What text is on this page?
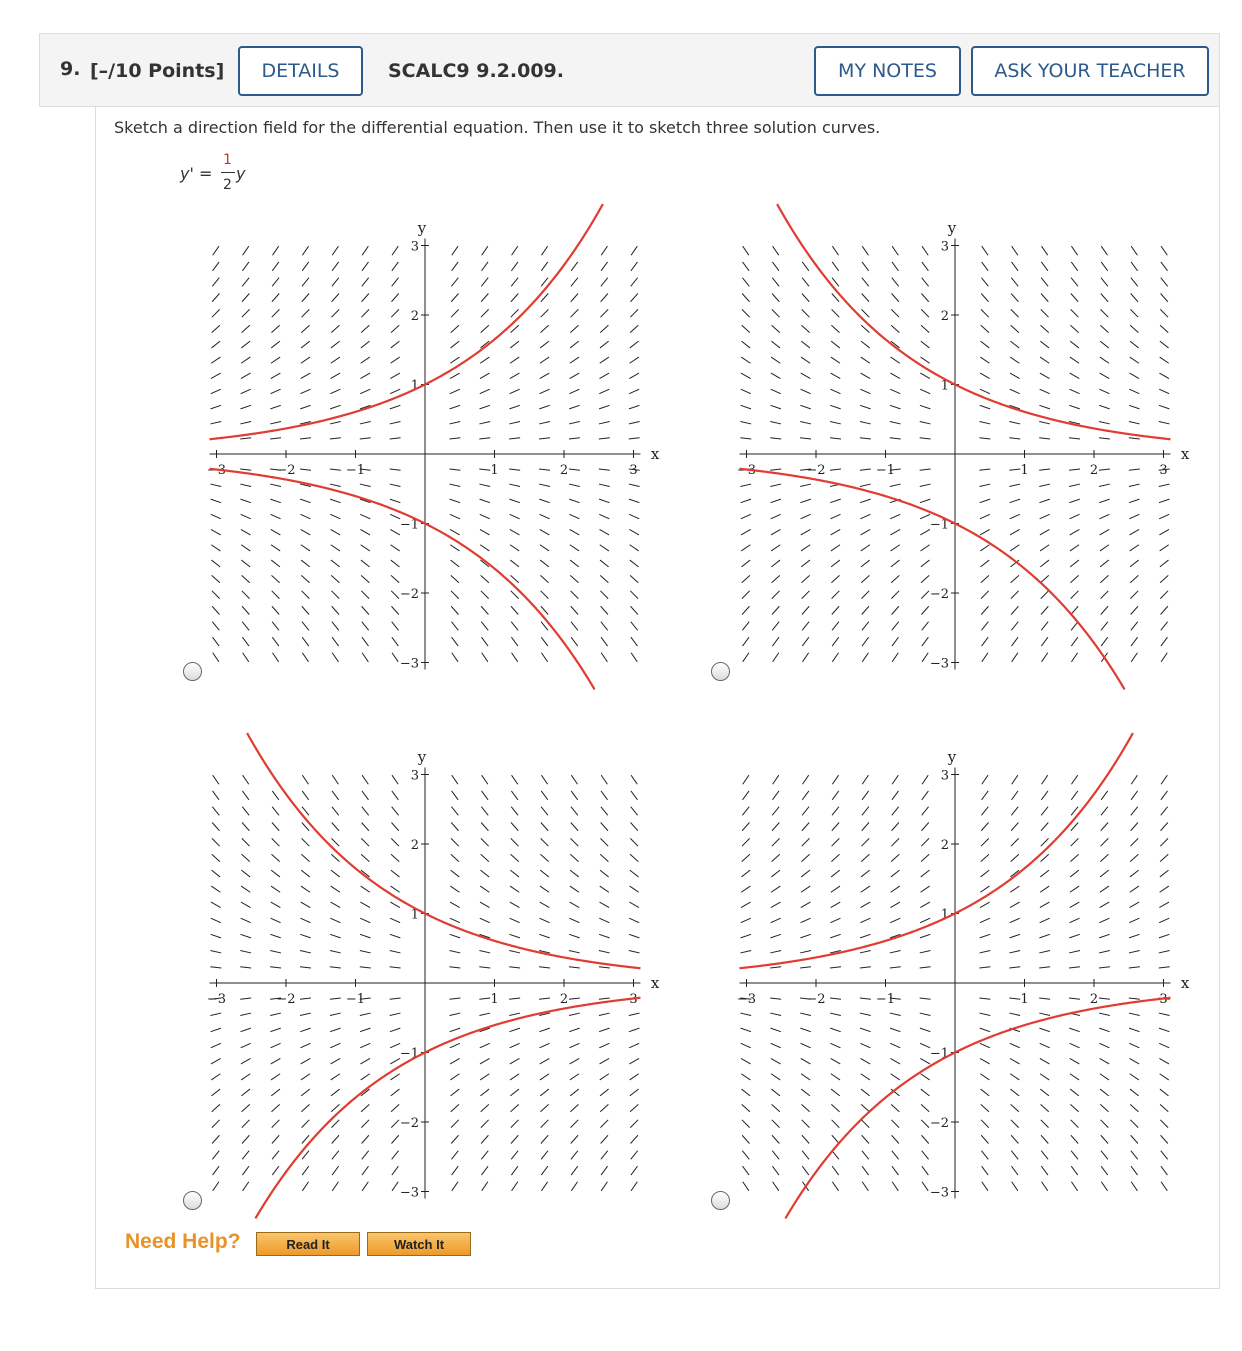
9. [–/10 Points]	DETAILS	SCALC9 9.2.009.	MY NOTES	ASK YOUR TEACHER
Sketch a direction field for the differential equation. Then use it to sketch three solution curves.
y' =
1
2
y
−3	−2	−1	1	2	3
−3
−2
−1
1
2
3
x
y
−3	−2	−1	1	2	3
−3
−2
−1
1
2
3
x
y
−3	−2	−1	1	2	3
−3
−2
−1
1
2
3
x
y
−3	−2	−1	1	2	3
−3
−2
−1
1
2
3
x
y
Need Help?	Read It	Watch It
